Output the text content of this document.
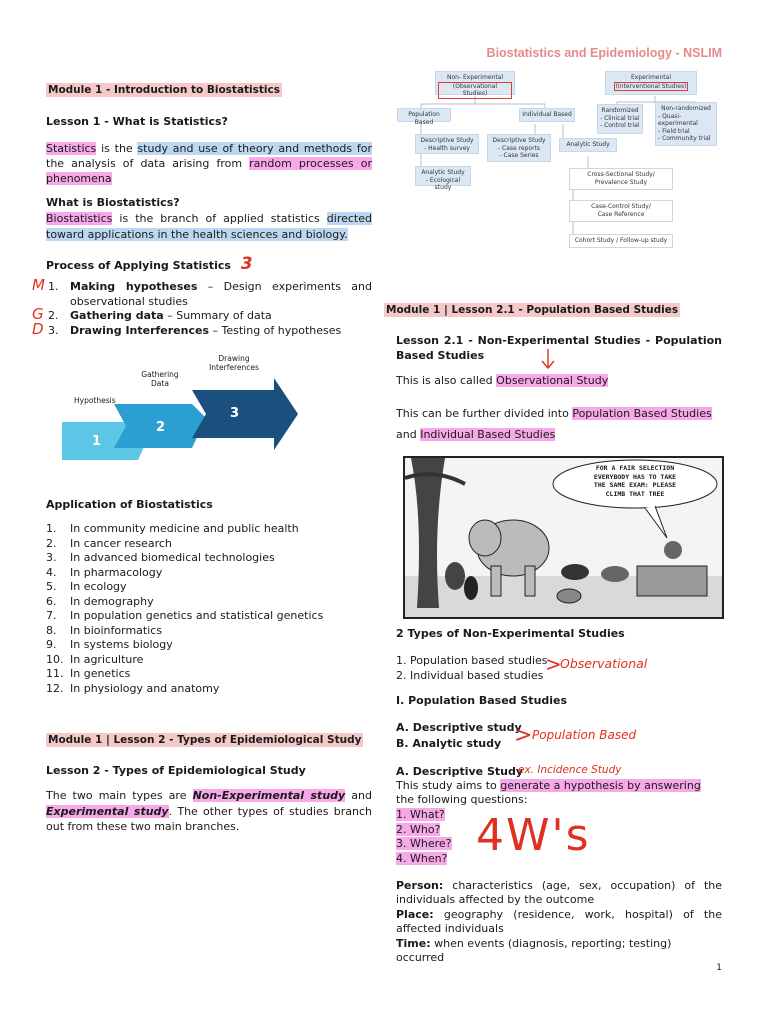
Biostatistics and Epidemiology - NSLIM
Module 1 - Introduction to Biostatistics
Lesson 1 - What is Statistics?

Statistics is the study and use of theory and methods for the analysis of data arising from random processes or phenomena

What is Biostatistics?

Biostatistics is the branch of applied statistics directed toward applications in the health sciences and biology.

Process of Applying Statistics 3
M 1. Making hypotheses – Design experiments and observational studies
G 2. Gathering data – Summary of data
D 3. Drawing Interferences – Testing of hypotheses
Hypothesis
Gathering Data
Drawing Interferences
1
2
3
Application of Biostatistics
1. In community medicine and public health
2. In cancer research
3. In advanced biomedical technologies
4. In pharmacology
5. In ecology
6. In demography
7. In population genetics and statistical genetics
8. In bioinformatics
9. In systems biology
10. In agriculture
11. In genetics
12. In physiology and anatomy
Module 1 | Lesson 2 - Types of Epidemiological Study
Lesson 2 - Types of Epidemiological Study

The two main types are Non-Experimental study and Experimental study. The other types of studies branch out from these two main branches.

Non- Experimental
(Observational Studies)
Experimental
(Interventional Studies)
Population Based
Individual Based
Randomized
- Clinical trial
- Control trial
Non-randomized
- Quasi-
experimental
- Field trial
- Community trial
Descriptive Study
- Health survey
Descriptive Study
- Case reports
- Case Series
Analytic Study
Analytic Study
- Ecological study
Cross-Sectional Study/
Prevalence Study
Case-Control Study/
Case Reference
Cohort Study / Follow-up study
Module 1 | Lesson 2.1 - Population Based Studies
Lesson 2.1 - Non-Experimental Studies - Population Based Studies

This is also called Observational Study

This can be further divided into Population Based Studies
and Individual Based Studies

FOR A FAIR SELECTION
EVERYBODY HAS TO TAKE
THE SAME EXAM: PLEASE
CLIMB THAT TREE
2 Types of Non-Experimental Studies
1. Population based studies
2. Individual based studies >
Observational
I. Population Based Studies
A. Descriptive study
B. Analytic study > Population Based
A. Descriptive Study
ex. Incidence Study

This study aims to generate a hypothesis by answering the following questions:

1. What?
2. Who?
3. Where?
4. When? 4W's

Person: characteristics (age, sex, occupation) of the individuals affected by the outcome

Place: geography (residence, work, hospital) of the affected individuals

Time: when events (diagnosis, reporting; testing) occurred

1
